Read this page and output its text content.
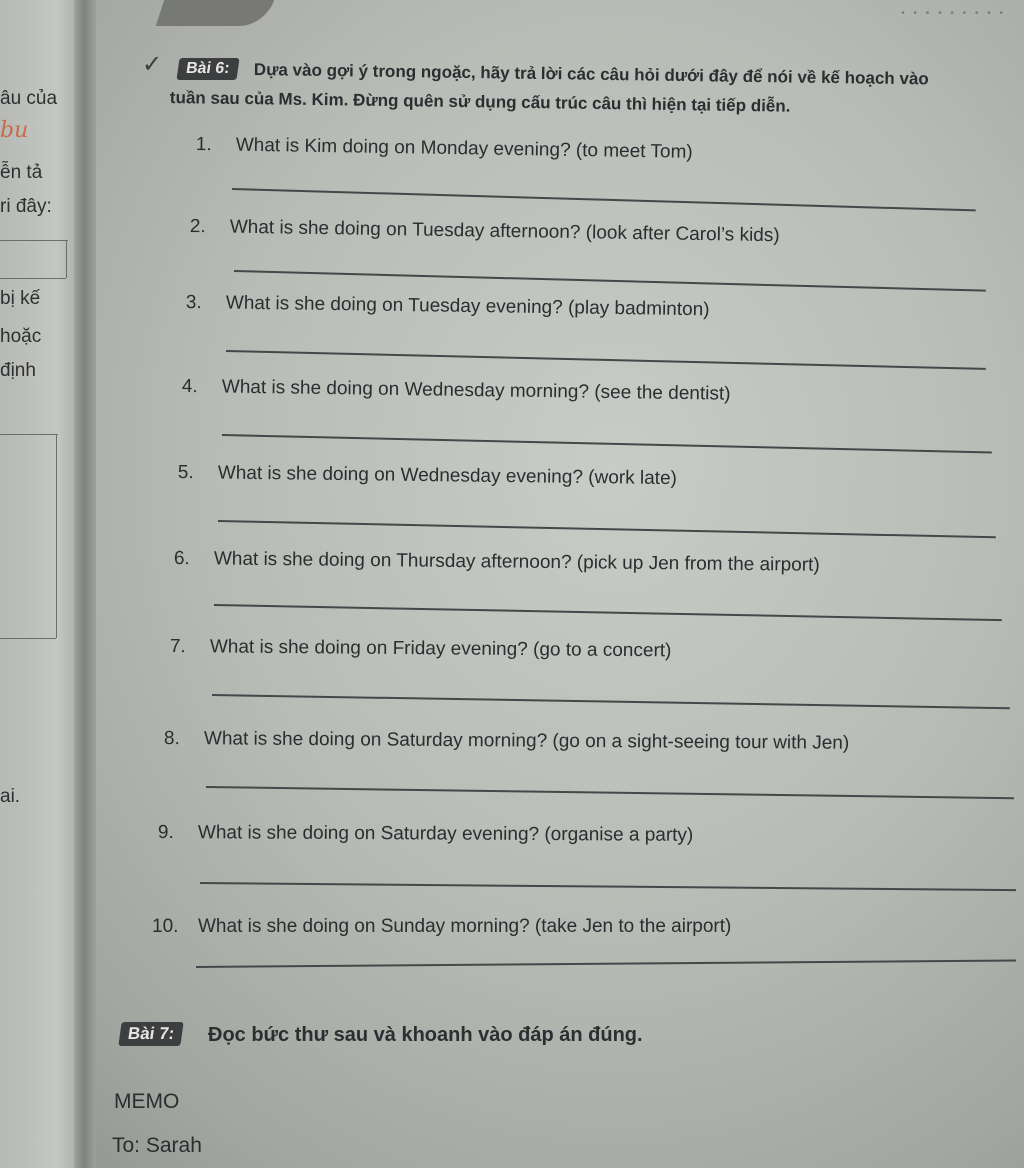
âu của
bu
ễn tả
ri đây:
bị kế
hoặc
định
ai.
• • • • • • • • •
✓	Bài 6:	Dựa vào gợi ý trong ngoặc, hãy trả lời các câu hỏi dưới đây để nói về kế hoạch vào
tuần sau của Ms. Kim. Đừng quên sử dụng cấu trúc câu thì hiện tại tiếp diễn.
1. What is Kim doing on Monday evening? (to meet Tom)
2. What is she doing on Tuesday afternoon? (look after Carol’s kids)
3. What is she doing on Tuesday evening? (play badminton)
4. What is she doing on Wednesday morning? (see the dentist)
5. What is she doing on Wednesday evening? (work late)
6. What is she doing on Thursday afternoon? (pick up Jen from the airport)
7. What is she doing on Friday evening? (go to a concert)
8. What is she doing on Saturday morning? (go on a sight-seeing tour with Jen)
9. What is she doing on Saturday evening? (organise a party)
10. What is she doing on Sunday morning? (take Jen to the airport)
Bài 7:	Đọc bức thư sau và khoanh vào đáp án đúng.
MEMO
To: Sarah
